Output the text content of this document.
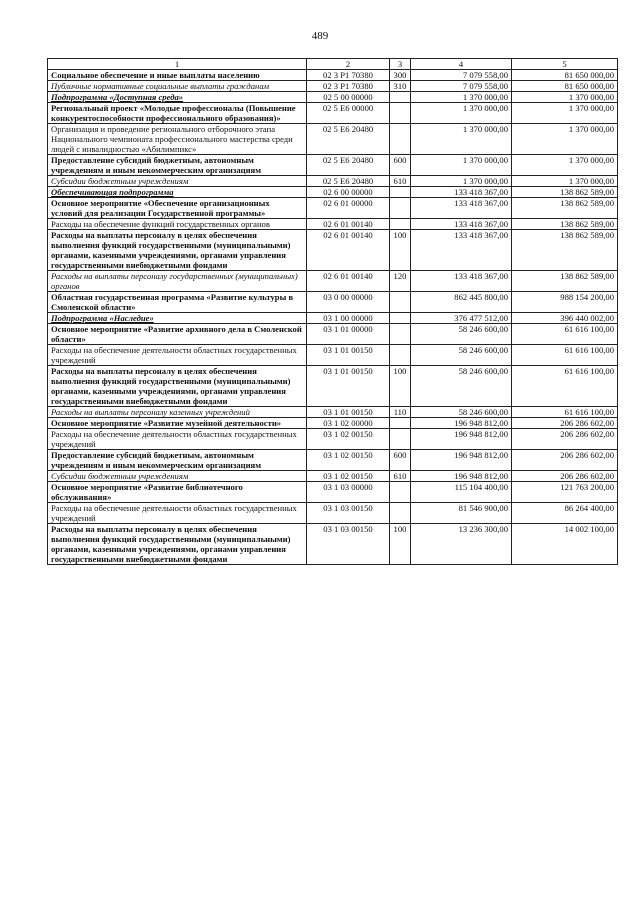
489
1	2	3	4	5
Социальное обеспечение и иные выплаты населению	02 3 P1 70380	300	7 079 558,00	81 650 000,00
Публичные нормативные социальные выплаты гражданам	02 3 P1 70380	310	7 079 558,00	81 650 000,00
Подпрограмма «Доступная среда»	02 5 00 00000		1 370 000,00	1 370 000,00
Региональный проект «Молодые профессионалы (Повышение конкурентоспособности профессионального образования)»	02 5 E6 00000		1 370 000,00	1 370 000,00
Организация и проведение регионального отборочного этапа Национального чемпионата профессионального мастерства среди людей с инвалидностью «Абилимпикс»	02 5 E6 20480		1 370 000,00	1 370 000,00
Предоставление субсидий бюджетным, автономным учреждениям и иным некоммерческим организациям	02 5 E6 20480	600	1 370 000,00	1 370 000,00
Субсидии бюджетным учреждениям	02 5 E6 20480	610	1 370 000,00	1 370 000,00
Обеспечивающая подпрограмма	02 6 00 00000		133 418 367,00	138 862 589,00
Основное мероприятие «Обеспечение организационных условий для реализации Государственной программы»	02 6 01 00000		133 418 367,00	138 862 589,00
Расходы на обеспечение функций государственных органов	02 6 01 00140		133 418 367,00	138 862 589,00
Расходы на выплаты персоналу в целях обеспечения выполнения функций государственными (муниципальными) органами, казенными учреждениями, органами управления государственными внебюджетными фондами	02 6 01 00140	100	133 418 367,00	138 862 589,00
Расходы на выплаты персоналу государственных (муниципальных) органов	02 6 01 00140	120	133 418 367,00	138 862 589,00
Областная государственная программа «Развитие культуры в Смоленской области»	03 0 00 00000		862 445 800,00	988 154 200,00
Подпрограмма «Наследие»	03 1 00 00000		376 477 512,00	396 440 002,00
Основное мероприятие «Развитие архивного дела в Смоленской области»	03 1 01 00000		58 246 600,00	61 616 100,00
Расходы на обеспечение деятельности областных государственных учреждений	03 1 01 00150		58 246 600,00	61 616 100,00
Расходы на выплаты персоналу в целях обеспечения выполнения функций государственными (муниципальными) органами, казенными учреждениями, органами управления государственными внебюджетными фондами	03 1 01 00150	100	58 246 600,00	61 616 100,00
Расходы на выплаты персоналу казенных учреждений	03 1 01 00150	110	58 246 600,00	61 616 100,00
Основное мероприятие «Развитие музейной деятельности»	03 1 02 00000		196 948 812,00	206 286 602,00
Расходы на обеспечение деятельности областных государственных учреждений	03 1 02 00150		196 948 812,00	206 286 602,00
Предоставление субсидий бюджетным, автономным учреждениям и иным некоммерческим организациям	03 1 02 00150	600	196 948 812,00	206 286 602,00
Субсидии бюджетным учреждениям	03 1 02 00150	610	196 948 812,00	206 286 602,00
Основное мероприятие «Развитие библиотечного обслуживания»	03 1 03 00000		115 104 400,00	121 763 200,00
Расходы на обеспечение деятельности областных государственных учреждений	03 1 03 00150		81 546 900,00	86 264 400,00
Расходы на выплаты персоналу в целях обеспечения выполнения функций государственными (муниципальными) органами, казенными учреждениями, органами управления государственными внебюджетными фондами	03 1 03 00150	100	13 236 300,00	14 002 100,00
